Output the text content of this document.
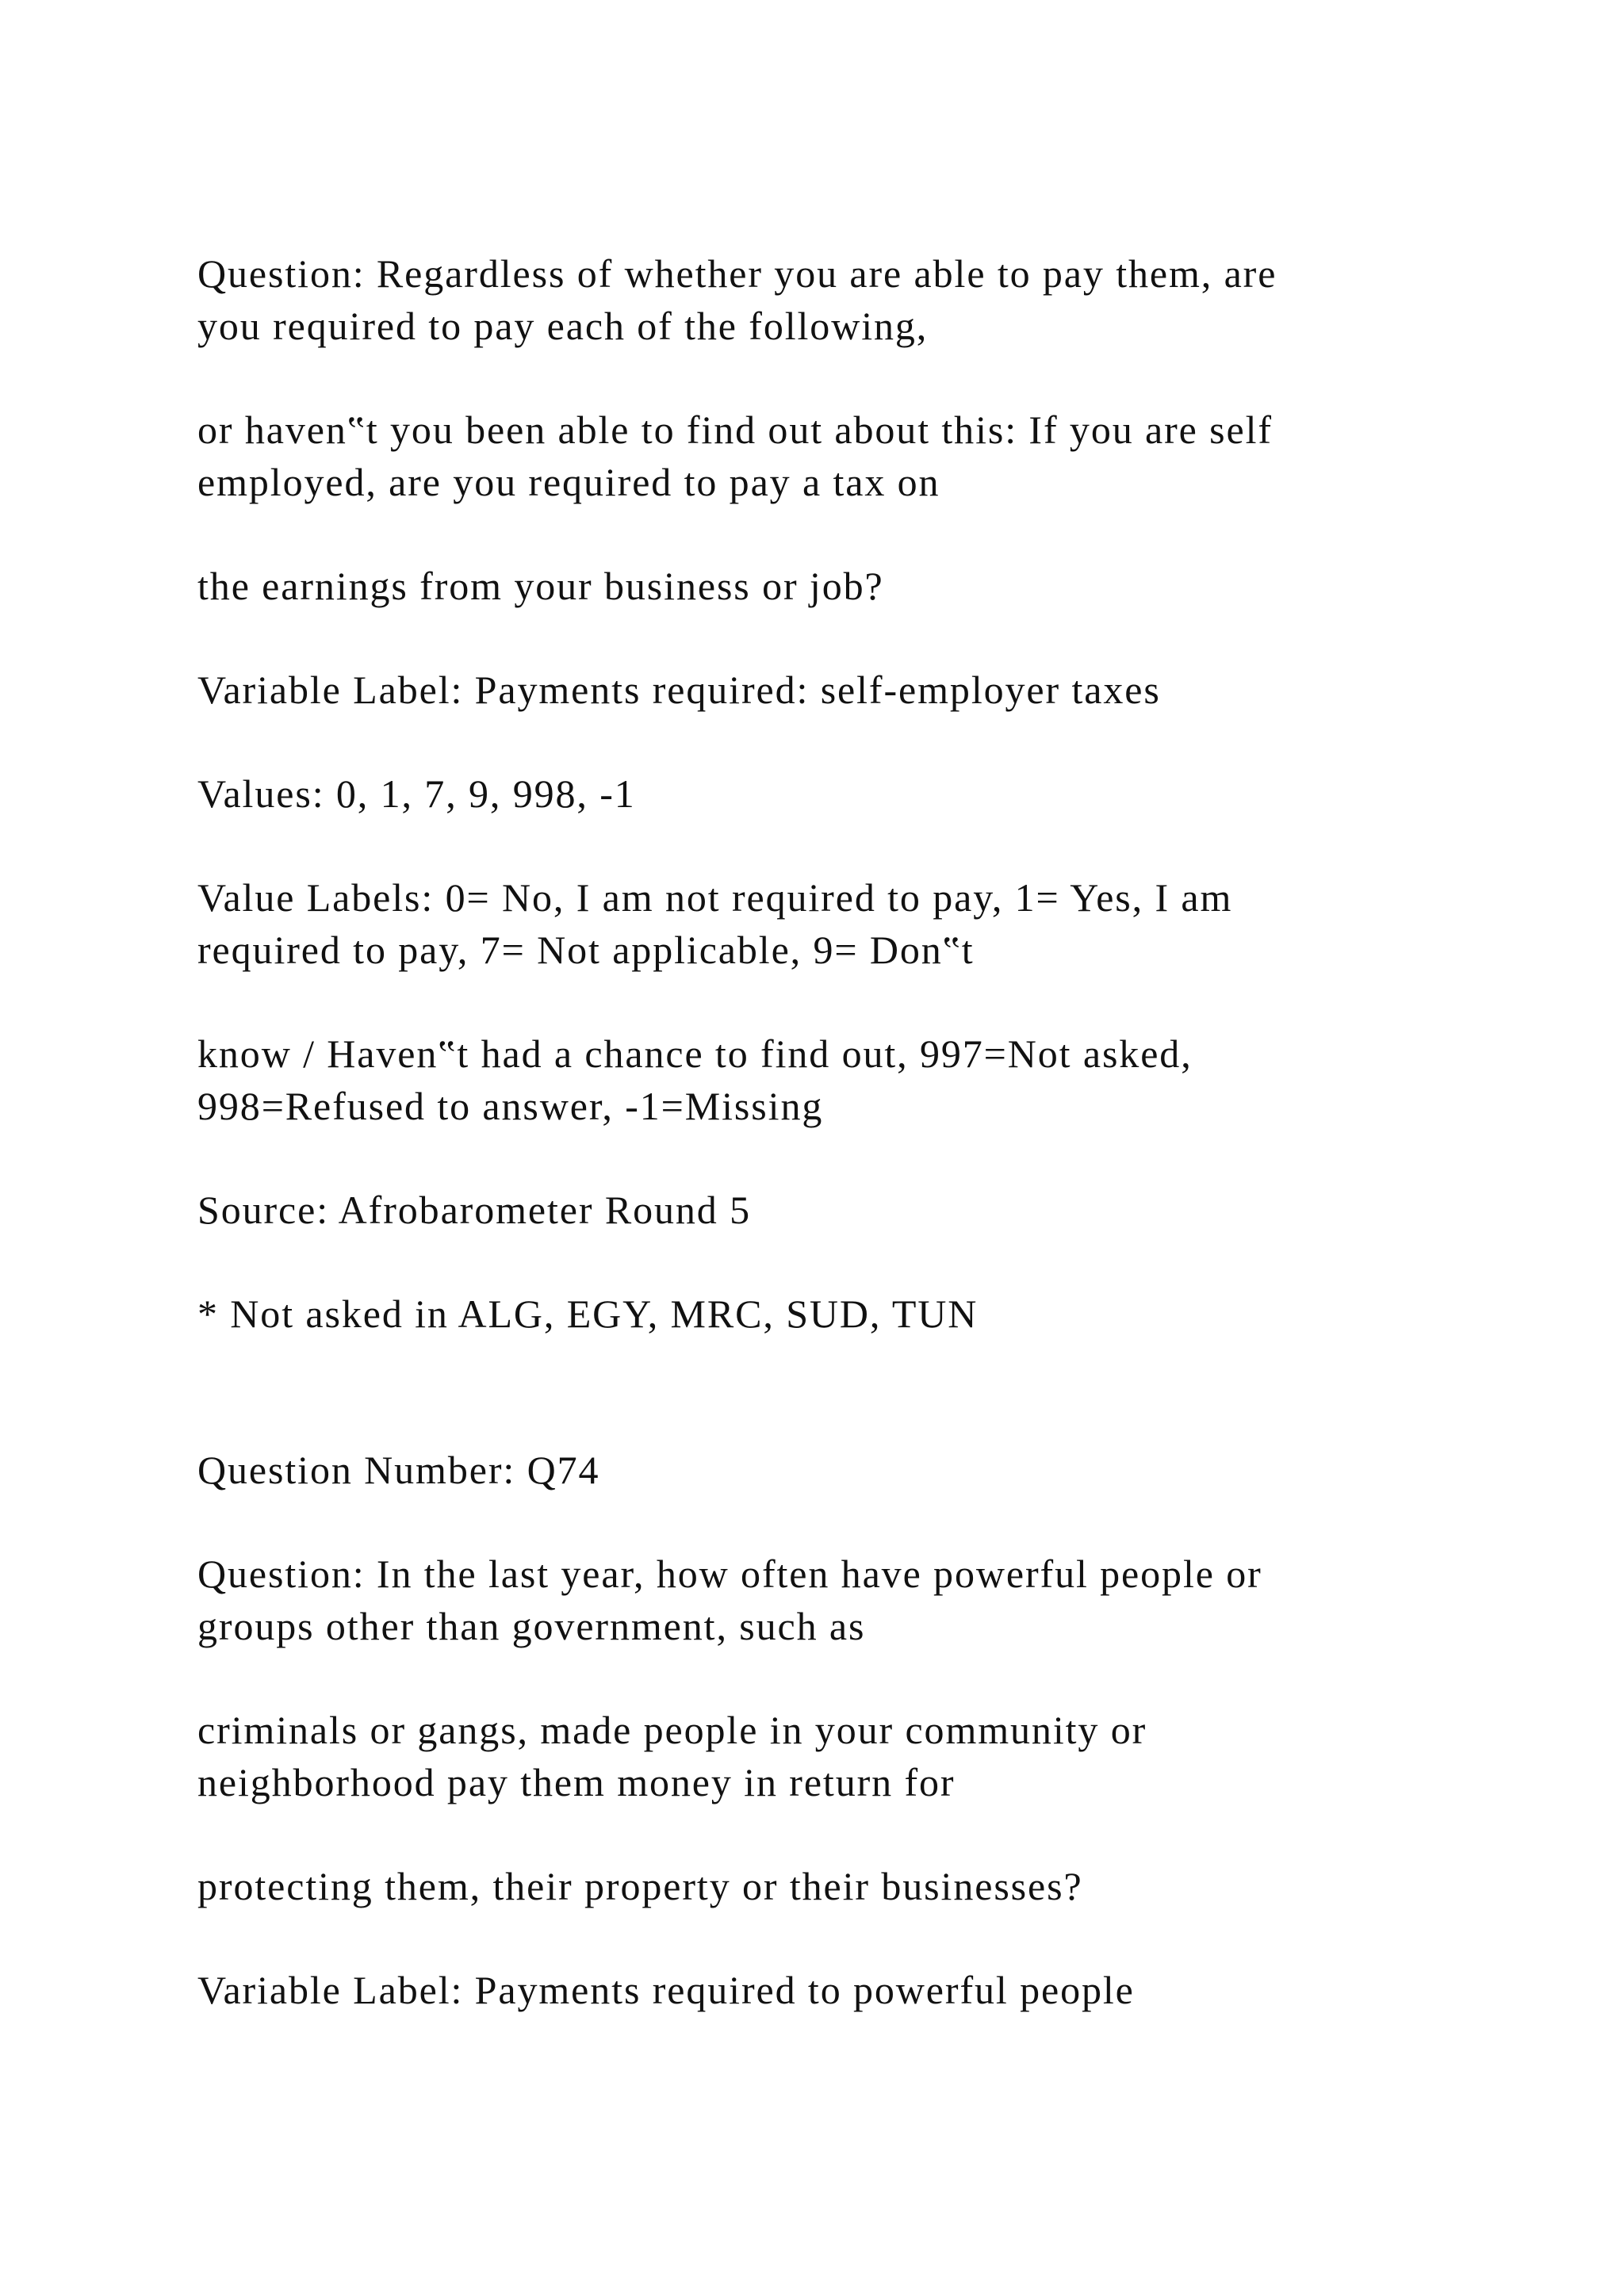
Question: Regardless of whether you are able to pay them, are
you required to pay each of the following,

or haven‟t you been able to find out about this: If you are self
employed, are you required to pay a tax on

the earnings from your business or job?

Variable Label: Payments required: self-employer taxes

Values: 0, 1, 7, 9, 998, -1

Value Labels: 0= No, I am not required to pay, 1= Yes, I am
required to pay, 7= Not applicable, 9= Don‟t

know / Haven‟t had a chance to find out, 997=Not asked,
998=Refused to answer, -1=Missing

Source: Afrobarometer Round 5

* Not asked in ALG, EGY, MRC, SUD, TUN

Question Number: Q74

Question: In the last year, how often have powerful people or
groups other than government, such as

criminals or gangs, made people in your community or
neighborhood pay them money in return for

protecting them, their property or their businesses?

Variable Label: Payments required to powerful people
